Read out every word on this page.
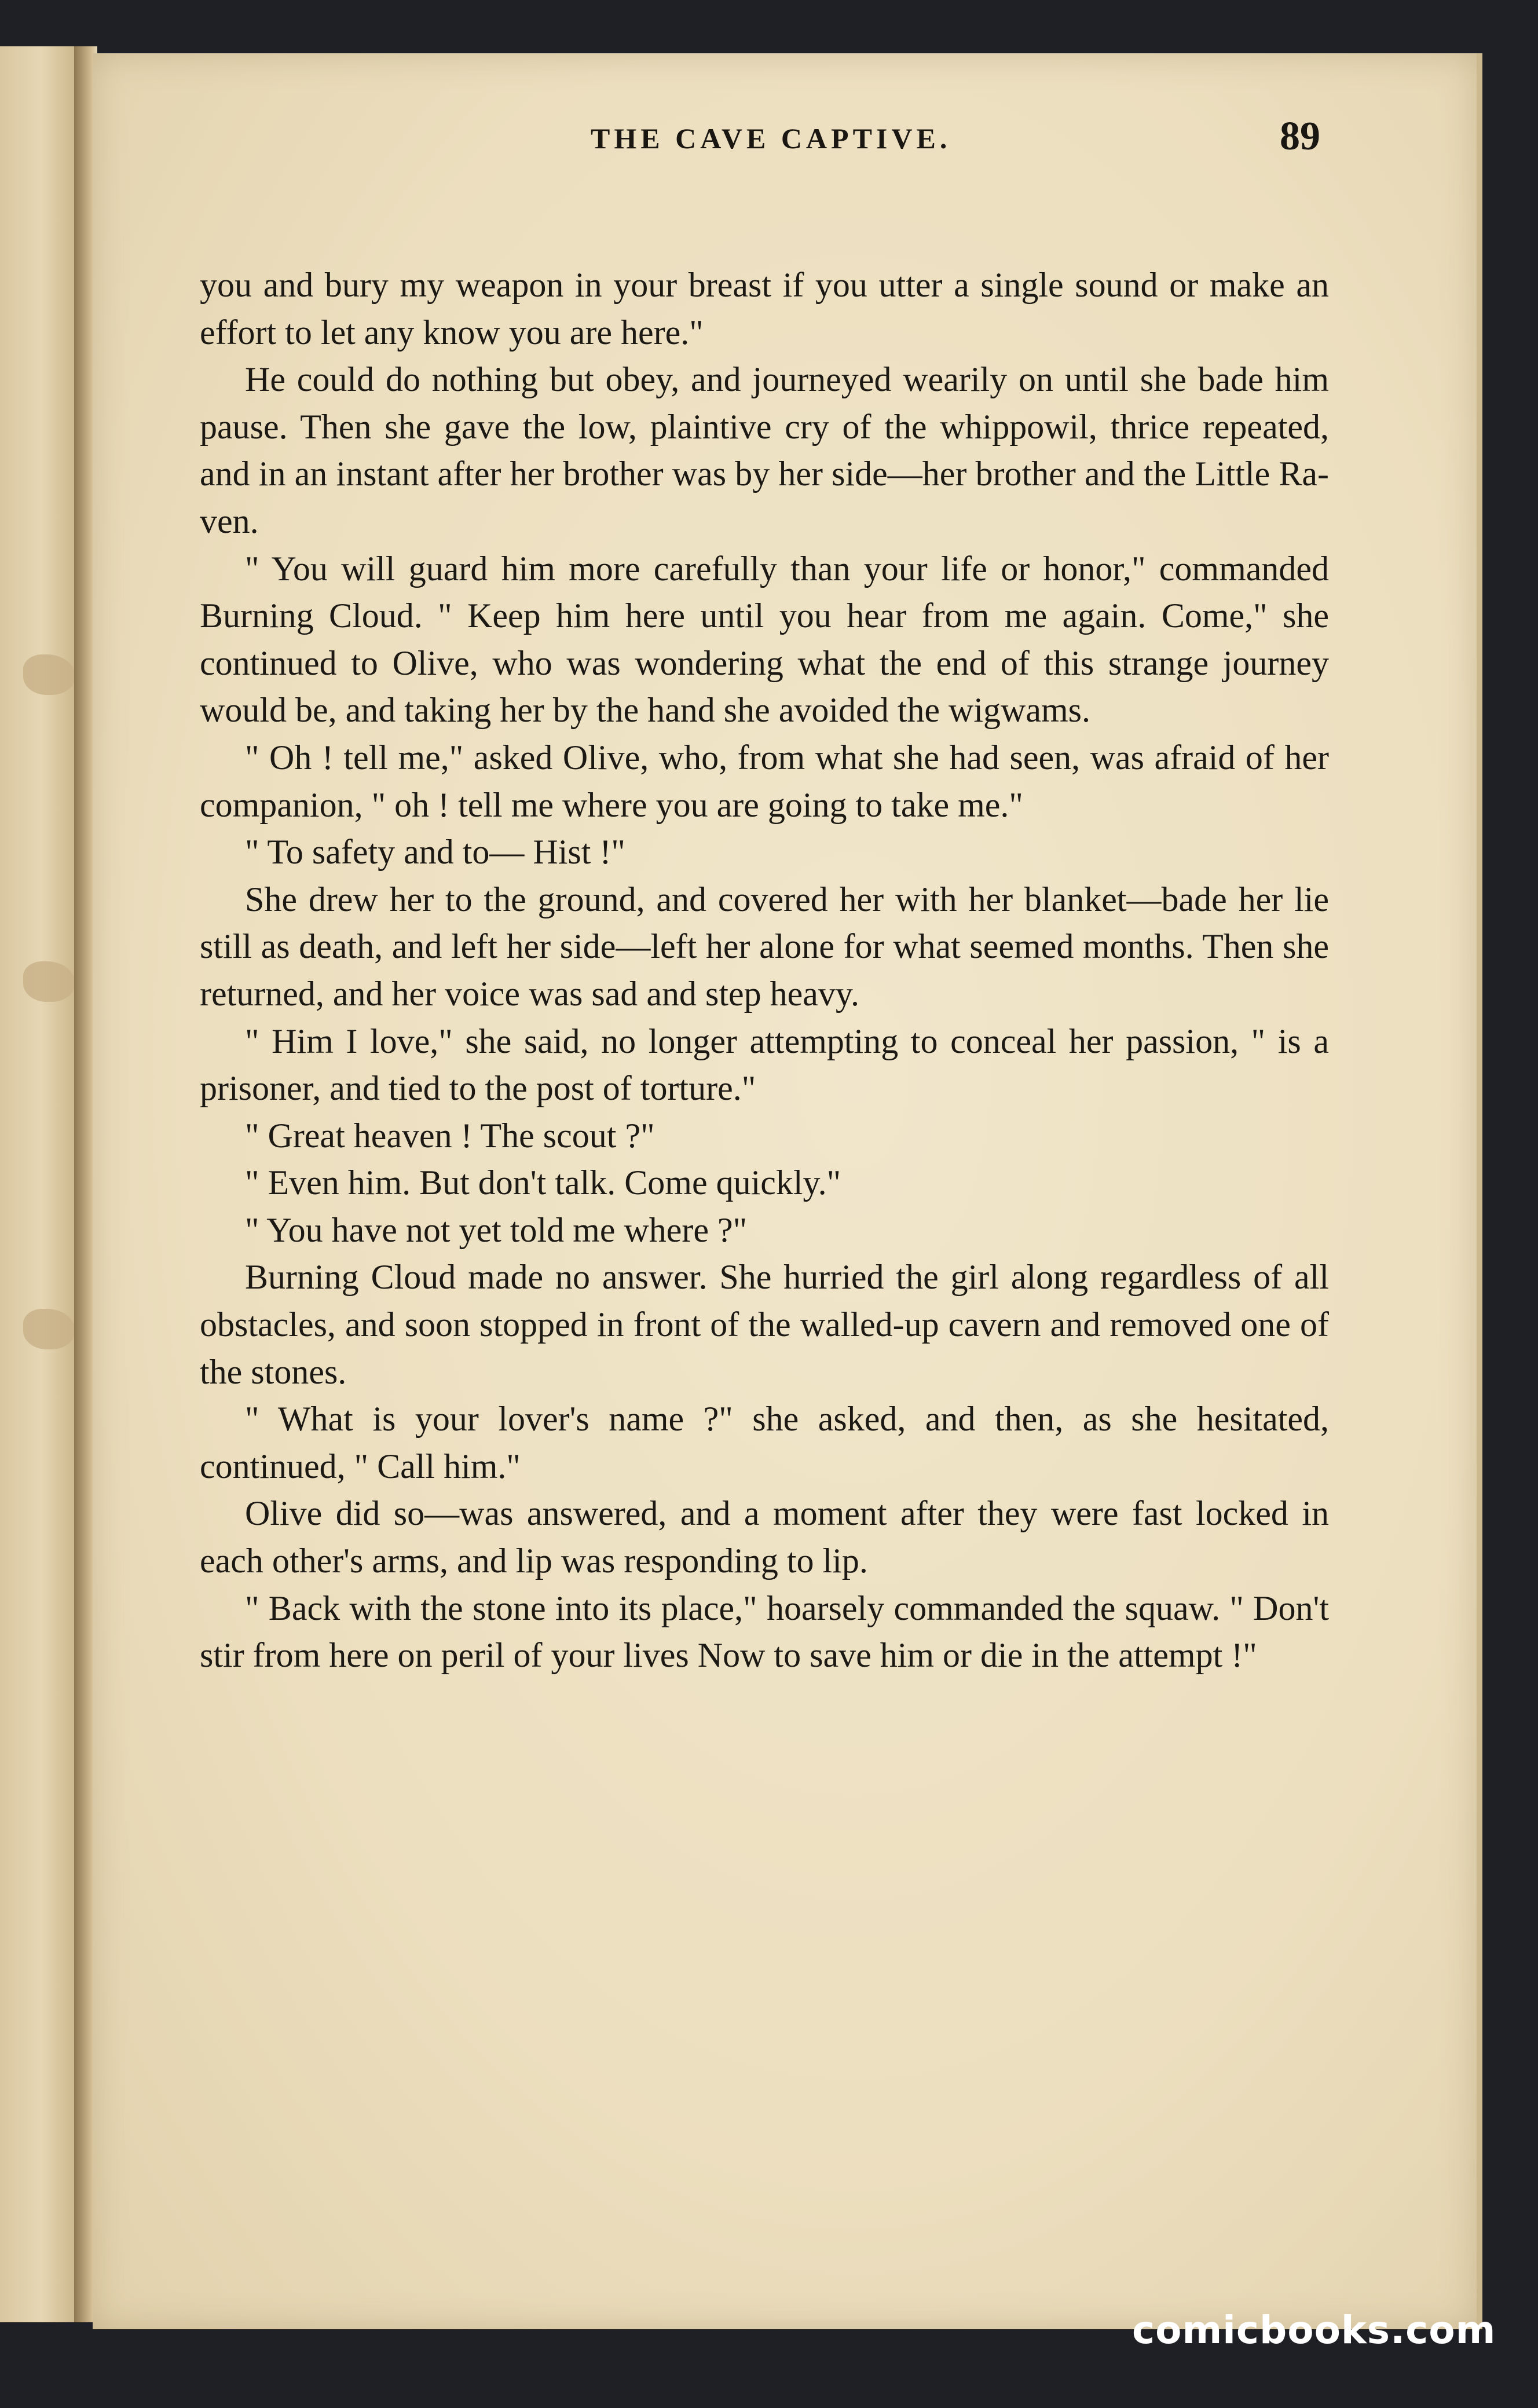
THE CAVE CAPTIVE.	89

you and bury my weapon in your breast if you utter a single sound or make an effort to let any know you are here."

He could do nothing but obey, and journeyed wearily on until she bade him pause. Then she gave the low, plaintive cry of the whippowil, thrice repeated, and in an instant after her brother was by her side—her brother and the Little Raven.

" You will guard him more carefully than your life or honor," commanded Burning Cloud. " Keep him here until you hear from me again. Come," she continued to Olive, who was wondering what the end of this strange journey would be, and taking her by the hand she avoided the wigwams.

" Oh ! tell me," asked Olive, who, from what she had seen, was afraid of her companion, " oh ! tell me where you are going to take me."

" To safety and to— Hist !"

She drew her to the ground, and covered her with her blanket—bade her lie still as death, and left her side—left her alone for what seemed months. Then she returned, and her voice was sad and step heavy.

" Him I love," she said, no longer attempting to conceal her passion, " is a prisoner, and tied to the post of torture."

" Great heaven ! The scout ?"

" Even him. But don't talk. Come quickly."

" You have not yet told me where ?"

Burning Cloud made no answer. She hurried the girl along regardless of all obstacles, and soon stopped in front of the walled-up cavern and removed one of the stones.

" What is your lover's name ?" she asked, and then, as she hesitated, continued, " Call him."

Olive did so—was answered, and a moment after they were fast locked in each other's arms, and lip was responding to lip.

" Back with the stone into its place," hoarsely commanded the squaw. " Don't stir from here on peril of your lives Now to save him or die in the attempt !"

comicbooks.com
